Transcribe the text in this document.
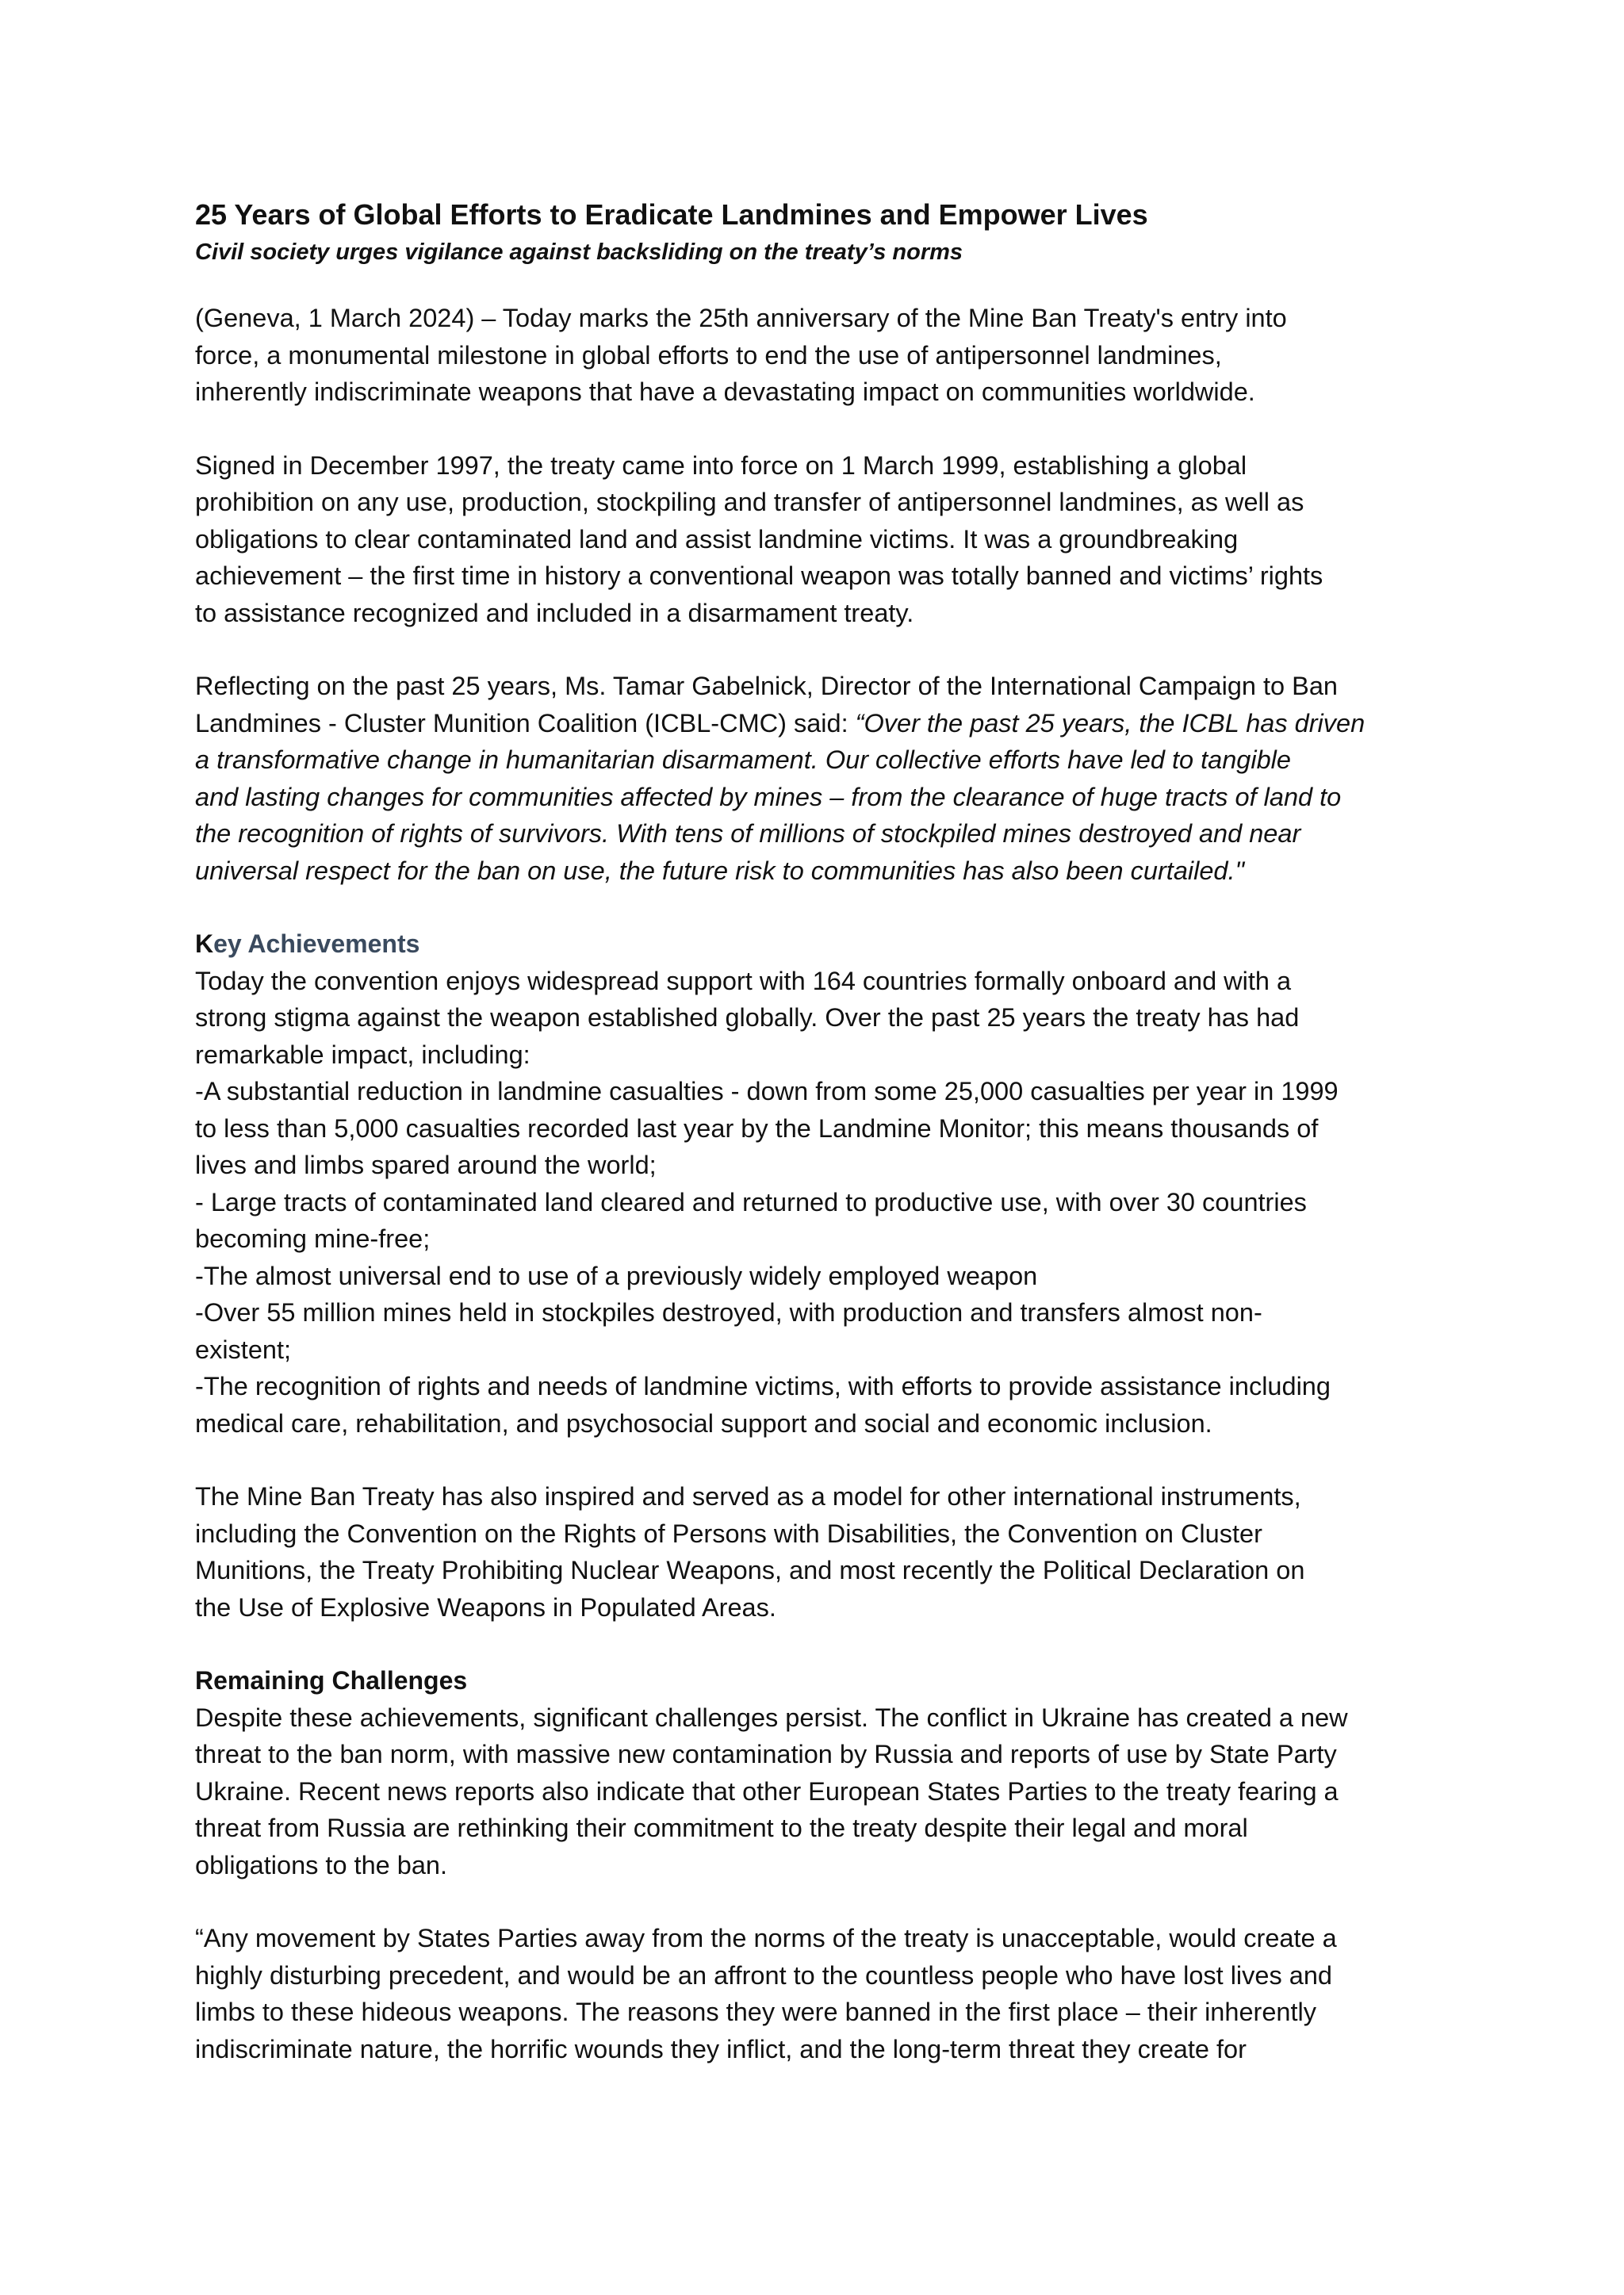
25 Years of Global Efforts to Eradicate Landmines and Empower Lives

Civil society urges vigilance against backsliding on the treaty’s norms

(Geneva, 1 March 2024) – Today marks the 25th anniversary of the Mine Ban Treaty's entry into
force, a monumental milestone in global efforts to end the use of antipersonnel landmines,
inherently indiscriminate weapons that have a devastating impact on communities worldwide.

Signed in December 1997, the treaty came into force on 1 March 1999, establishing a global
prohibition on any use, production, stockpiling and transfer of antipersonnel landmines, as well as
obligations to clear contaminated land and assist landmine victims. It was a groundbreaking
achievement – the first time in history a conventional weapon was totally banned and victims’ rights
to assistance recognized and included in a disarmament treaty.

Reflecting on the past 25 years, Ms. Tamar Gabelnick, Director of the International Campaign to Ban
Landmines - Cluster Munition Coalition (ICBL-CMC) said: “Over the past 25 years, the ICBL has driven
a transformative change in humanitarian disarmament. Our collective efforts have led to tangible
and lasting changes for communities affected by mines – from the clearance of huge tracts of land to
the recognition of rights of survivors. With tens of millions of stockpiled mines destroyed and near
universal respect for the ban on use, the future risk to communities has also been curtailed."

Key Achievements
Today the convention enjoys widespread support with 164 countries formally onboard and with a
strong stigma against the weapon established globally. Over the past 25 years the treaty has had
remarkable impact, including:
-A substantial reduction in landmine casualties - down from some 25,000 casualties per year in 1999
to less than 5,000 casualties recorded last year by the Landmine Monitor; this means thousands of
lives and limbs spared around the world;
- Large tracts of contaminated land cleared and returned to productive use, with over 30 countries
becoming mine-free;
-The almost universal end to use of a previously widely employed weapon
-Over 55 million mines held in stockpiles destroyed, with production and transfers almost non-
existent;
-The recognition of rights and needs of landmine victims, with efforts to provide assistance including
medical care, rehabilitation, and psychosocial support and social and economic inclusion.

The Mine Ban Treaty has also inspired and served as a model for other international instruments,
including the Convention on the Rights of Persons with Disabilities, the Convention on Cluster
Munitions, the Treaty Prohibiting Nuclear Weapons, and most recently the Political Declaration on
the Use of Explosive Weapons in Populated Areas.

Remaining Challenges

Despite these achievements, significant challenges persist. The conflict in Ukraine has created a new
threat to the ban norm, with massive new contamination by Russia and reports of use by State Party
Ukraine. Recent news reports also indicate that other European States Parties to the treaty fearing a
threat from Russia are rethinking their commitment to the treaty despite their legal and moral
obligations to the ban.

“Any movement by States Parties away from the norms of the treaty is unacceptable, would create a
highly disturbing precedent, and would be an affront to the countless people who have lost lives and
limbs to these hideous weapons. The reasons they were banned in the first place – their inherently
indiscriminate nature, the horrific wounds they inflict, and the long-term threat they create for
